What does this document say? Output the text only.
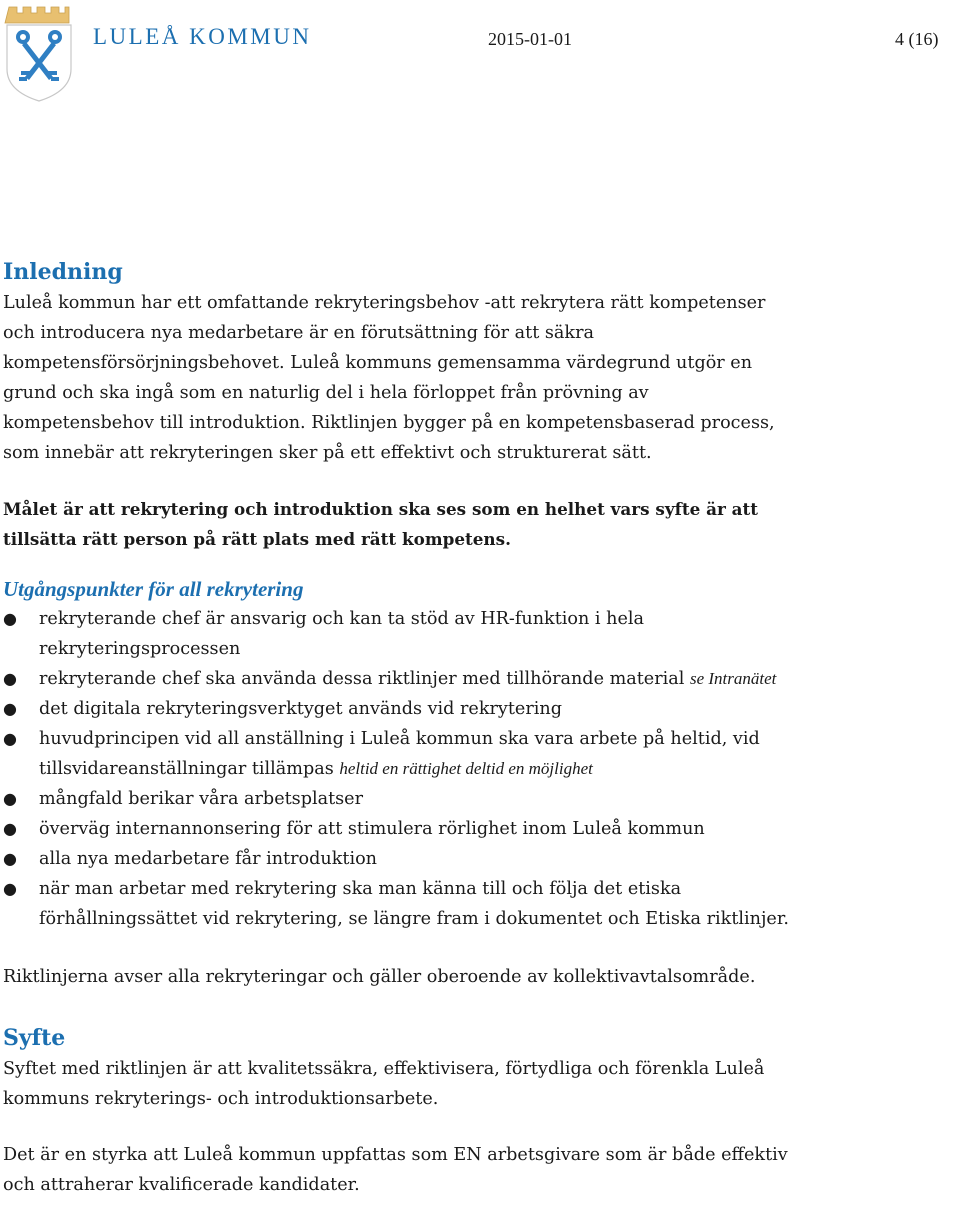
LULEÅ KOMMUN	2015-01-01	4 (16)
Inledning

Luleå kommun har ett omfattande rekryteringsbehov -att rekrytera rätt kompetenser

och introducera nya medarbetare är en förutsättning för att säkra

kompetensförsörjningsbehovet. Luleå kommuns gemensamma värdegrund utgör en

grund och ska ingå som en naturlig del i hela förloppet från prövning av

kompetensbehov till introduktion. Riktlinjen bygger på en kompetensbaserad process,

som innebär att rekryteringen sker på ett effektivt och strukturerat sätt.

Målet är att rekrytering och introduktion ska ses som en helhet vars syfte är att

tillsätta rätt person på rätt plats med rätt kompetens.

Utgångspunkter för all rekrytering
● rekryterande chef är ansvarig och kan ta stöd av HR-funktion i hela
rekryteringsprocessen
● rekryterande chef ska använda dessa riktlinjer med tillhörande material se Intranätet
● det digitala rekryteringsverktyget används vid rekrytering
● huvudprincipen vid all anställning i Luleå kommun ska vara arbete på heltid, vid
tillsvidareanställningar tillämpas heltid en rättighet deltid en möjlighet
● mångfald berikar våra arbetsplatser
● överväg internannonsering för att stimulera rörlighet inom Luleå kommun
● alla nya medarbetare får introduktion
● när man arbetar med rekrytering ska man känna till och följa det etiska
förhållningssättet vid rekrytering, se längre fram i dokumentet och Etiska riktlinjer.

Riktlinjerna avser alla rekryteringar och gäller oberoende av kollektivavtalsområde.

Syfte

Syftet med riktlinjen är att kvalitetssäkra, effektivisera, förtydliga och förenkla Luleå

kommuns rekryterings- och introduktionsarbete.

Det är en styrka att Luleå kommun uppfattas som EN arbetsgivare som är både effektiv

och attraherar kvalificerade kandidater.
